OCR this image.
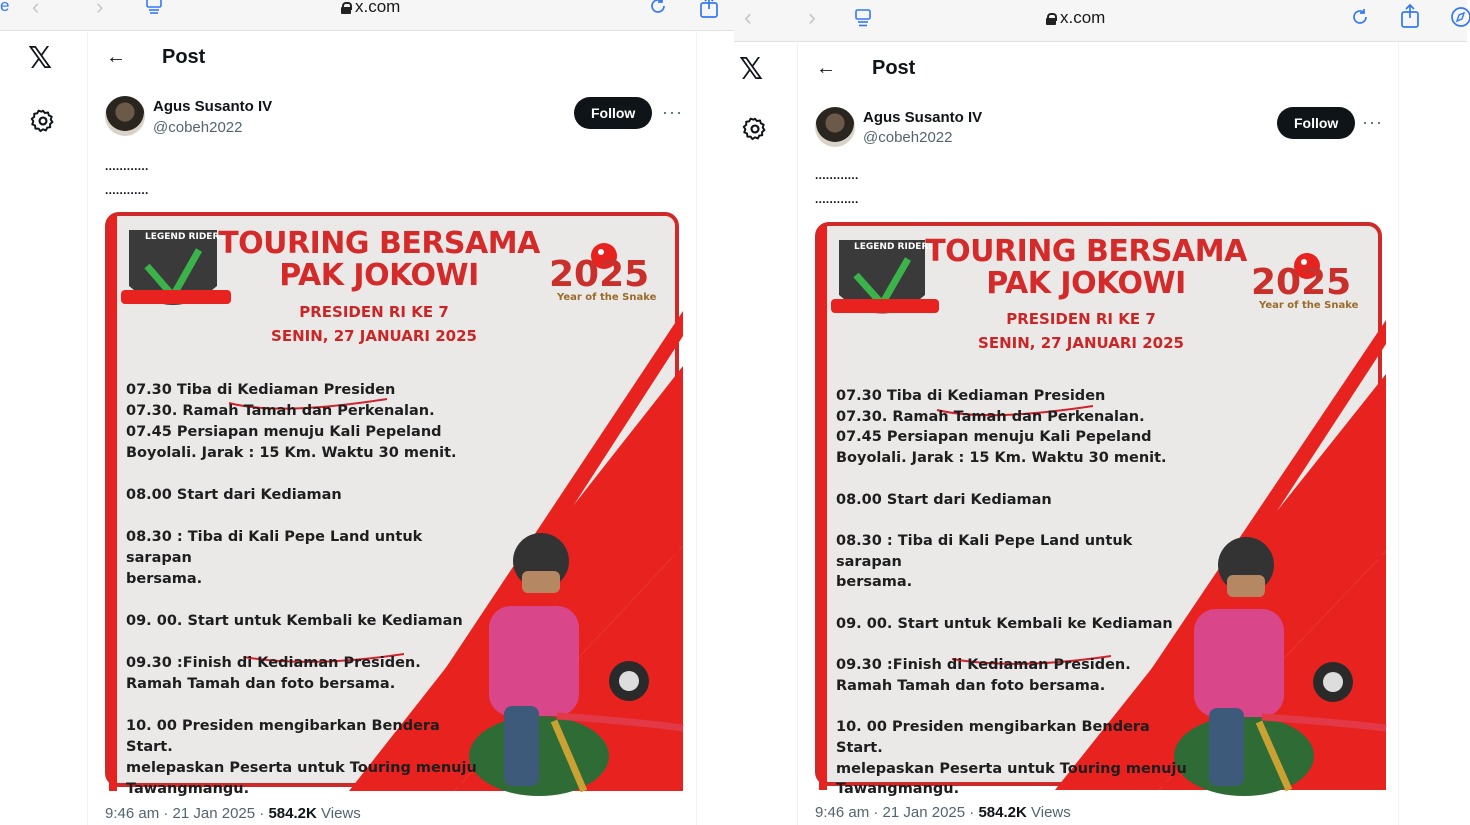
e ‹	›	x.com
𝕏	← Post
Agus Susanto IV
@cobeh2022
Follow	···
............
............
LEGEND RIDERS
TOURING BERSAMA
PAK JOKOWI
PRESIDEN RI KE 7
SENIN, 27 JANUARI 2025
2025
Year of the Snake
07.30 Tiba di Kediaman Presiden
07.30. Ramah Tamah dan Perkenalan.
07.45 Persiapan menuju Kali Pepeland
Boyolali. Jarak : 15 Km. Waktu 30 menit.
08.00 Start dari Kediaman
08.30 : Tiba di Kali Pepe Land untuk sarapan
bersama.
09. 00. Start untuk Kembali ke Kediaman
09.30 :Finish di Kediaman Presiden.
Ramah Tamah dan foto bersama.
10. 00 Presiden mengibarkan Bendera Start.
melepaskan Peserta untuk Touring menuju
Tawangmangu.
9:46 am · 21 Jan 2025 · 584.2K Views
‹ ›	x.com
𝕏	← Post
Agus Susanto IV
@cobeh2022
Follow	···
............
............
LEGEND RIDERS
TOURING BERSAMA
PAK JOKOWI
PRESIDEN RI KE 7
SENIN, 27 JANUARI 2025
2025
Year of the Snake
07.30 Tiba di Kediaman Presiden
07.30. Ramah Tamah dan Perkenalan.
07.45 Persiapan menuju Kali Pepeland
Boyolali. Jarak : 15 Km. Waktu 30 menit.
08.00 Start dari Kediaman
08.30 : Tiba di Kali Pepe Land untuk sarapan
bersama.
09. 00. Start untuk Kembali ke Kediaman
09.30 :Finish di Kediaman Presiden.
Ramah Tamah dan foto bersama.
10. 00 Presiden mengibarkan Bendera Start.
melepaskan Peserta untuk Touring menuju
Tawangmangu.
9:46 am · 21 Jan 2025 · 584.2K Views
